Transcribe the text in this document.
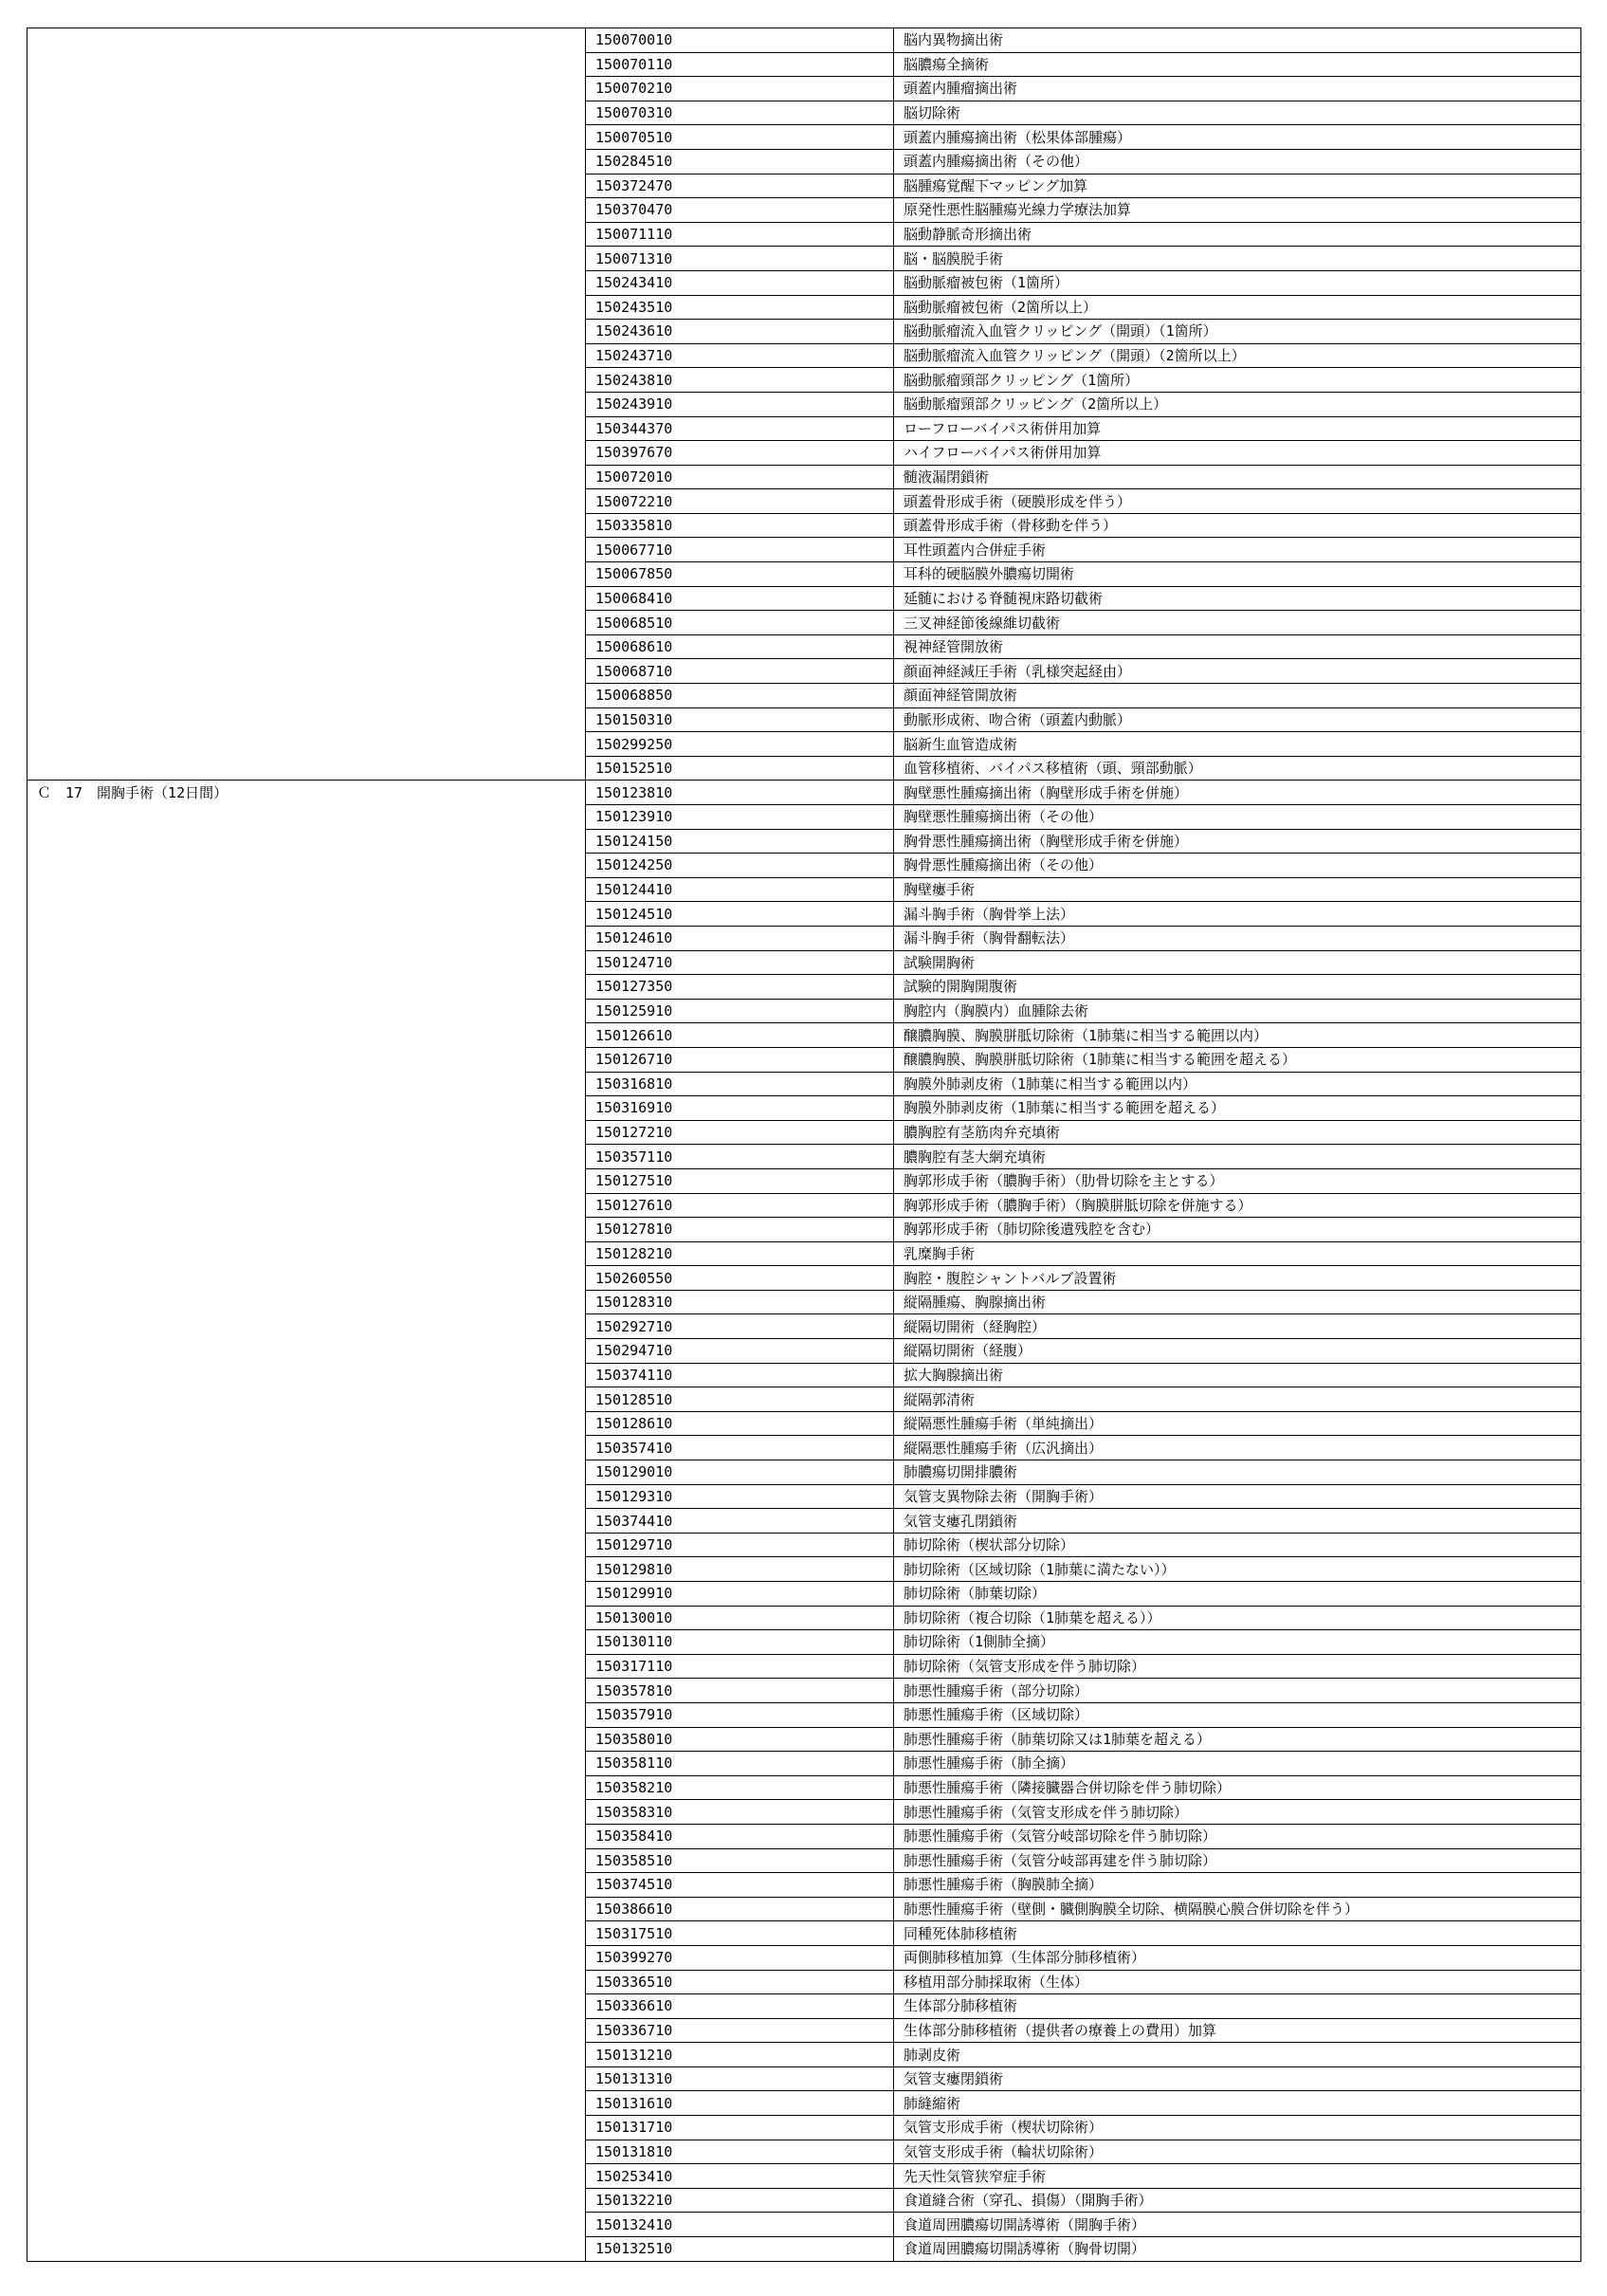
	150070010	脳内異物摘出術
	150070110	脳膿瘍全摘術
	150070210	頭蓋内腫瘤摘出術
	150070310	脳切除術
	150070510	頭蓋内腫瘍摘出術（松果体部腫瘍）
	150284510	頭蓋内腫瘍摘出術（その他）
	150372470	脳腫瘍覚醒下マッピング加算
	150370470	原発性悪性脳腫瘍光線力学療法加算
	150071110	脳動静脈奇形摘出術
	150071310	脳・脳膜脱手術
	150243410	脳動脈瘤被包術（1箇所）
	150243510	脳動脈瘤被包術（2箇所以上）
	150243610	脳動脈瘤流入血管クリッピング（開頭）（1箇所）
	150243710	脳動脈瘤流入血管クリッピング（開頭）（2箇所以上）
	150243810	脳動脈瘤頸部クリッピング（1箇所）
	150243910	脳動脈瘤頸部クリッピング（2箇所以上）
	150344370	ローフローバイパス術併用加算
	150397670	ハイフローバイパス術併用加算
	150072010	髄液漏閉鎖術
	150072210	頭蓋骨形成手術（硬膜形成を伴う）
	150335810	頭蓋骨形成手術（骨移動を伴う）
	150067710	耳性頭蓋内合併症手術
	150067850	耳科的硬脳膜外膿瘍切開術
	150068410	延髄における脊髄視床路切截術
	150068510	三叉神経節後線維切截術
	150068610	視神経管開放術
	150068710	顔面神経減圧手術（乳様突起経由）
	150068850	顔面神経管開放術
	150150310	動脈形成術、吻合術（頭蓋内動脈）
	150299250	脳新生血管造成術
	150152510	血管移植術、バイパス移植術（頭、頸部動脈）
Ｃ　17　開胸手術（12日間）	150123810	胸壁悪性腫瘍摘出術（胸壁形成手術を併施）
	150123910	胸壁悪性腫瘍摘出術（その他）
	150124150	胸骨悪性腫瘍摘出術（胸壁形成手術を併施）
	150124250	胸骨悪性腫瘍摘出術（その他）
	150124410	胸壁瘻手術
	150124510	漏斗胸手術（胸骨挙上法）
	150124610	漏斗胸手術（胸骨翻転法）
	150124710	試験開胸術
	150127350	試験的開胸開腹術
	150125910	胸腔内（胸膜内）血腫除去術
	150126610	醸膿胸膜、胸膜胼胝切除術（1肺葉に相当する範囲以内）
	150126710	醸膿胸膜、胸膜胼胝切除術（1肺葉に相当する範囲を超える）
	150316810	胸膜外肺剥皮術（1肺葉に相当する範囲以内）
	150316910	胸膜外肺剥皮術（1肺葉に相当する範囲を超える）
	150127210	膿胸腔有茎筋肉弁充填術
	150357110	膿胸腔有茎大網充填術
	150127510	胸郭形成手術（膿胸手術）（肋骨切除を主とする）
	150127610	胸郭形成手術（膿胸手術）（胸膜胼胝切除を併施する）
	150127810	胸郭形成手術（肺切除後遺残腔を含む）
	150128210	乳糜胸手術
	150260550	胸腔・腹腔シャントバルブ設置術
	150128310	縦隔腫瘍、胸腺摘出術
	150292710	縦隔切開術（経胸腔）
	150294710	縦隔切開術（経腹）
	150374110	拡大胸腺摘出術
	150128510	縦隔郭清術
	150128610	縦隔悪性腫瘍手術（単純摘出）
	150357410	縦隔悪性腫瘍手術（広汎摘出）
	150129010	肺膿瘍切開排膿術
	150129310	気管支異物除去術（開胸手術）
	150374410	気管支瘻孔閉鎖術
	150129710	肺切除術（楔状部分切除）
	150129810	肺切除術（区域切除（1肺葉に満たない））
	150129910	肺切除術（肺葉切除）
	150130010	肺切除術（複合切除（1肺葉を超える））
	150130110	肺切除術（1側肺全摘）
	150317110	肺切除術（気管支形成を伴う肺切除）
	150357810	肺悪性腫瘍手術（部分切除）
	150357910	肺悪性腫瘍手術（区域切除）
	150358010	肺悪性腫瘍手術（肺葉切除又は1肺葉を超える）
	150358110	肺悪性腫瘍手術（肺全摘）
	150358210	肺悪性腫瘍手術（隣接臓器合併切除を伴う肺切除）
	150358310	肺悪性腫瘍手術（気管支形成を伴う肺切除）
	150358410	肺悪性腫瘍手術（気管分岐部切除を伴う肺切除）
	150358510	肺悪性腫瘍手術（気管分岐部再建を伴う肺切除）
	150374510	肺悪性腫瘍手術（胸膜肺全摘）
	150386610	肺悪性腫瘍手術（壁側・臓側胸膜全切除、横隔膜心膜合併切除を伴う）
	150317510	同種死体肺移植術
	150399270	両側肺移植加算（生体部分肺移植術）
	150336510	移植用部分肺採取術（生体）
	150336610	生体部分肺移植術
	150336710	生体部分肺移植術（提供者の療養上の費用）加算
	150131210	肺剥皮術
	150131310	気管支瘻閉鎖術
	150131610	肺縫縮術
	150131710	気管支形成手術（楔状切除術）
	150131810	気管支形成手術（輪状切除術）
	150253410	先天性気管狭窄症手術
	150132210	食道縫合術（穿孔、損傷）（開胸手術）
	150132410	食道周囲膿瘍切開誘導術（開胸手術）
	150132510	食道周囲膿瘍切開誘導術（胸骨切開）
